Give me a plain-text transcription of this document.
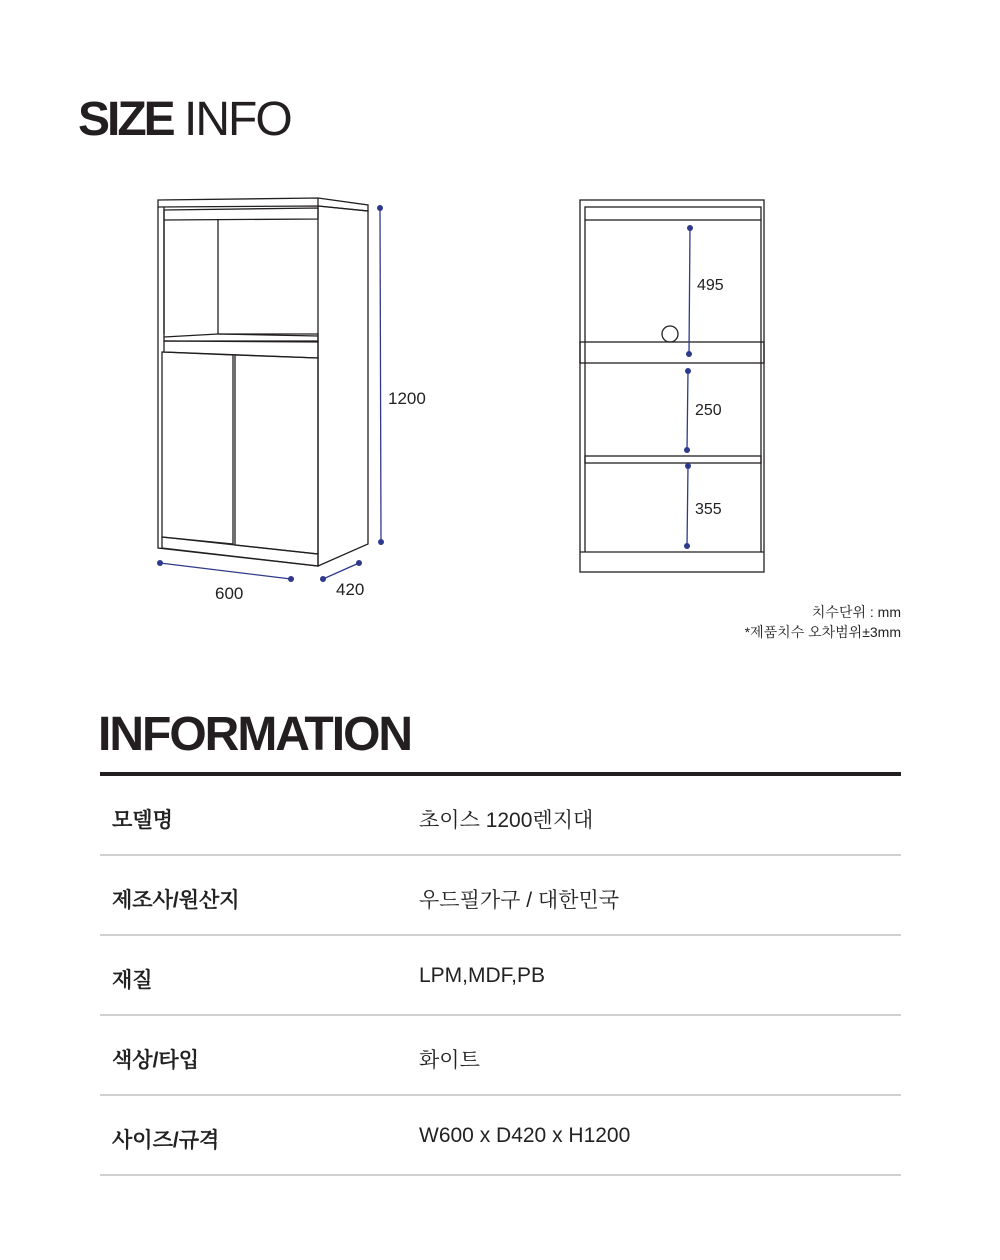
SIZE INFO
1200
600	420
495
250
355
치수단위 : mm
*제품치수 오차범위±3mm
INFORMATION
모델명	초이스 1200렌지대
제조사/원산지	우드필가구 / 대한민국
재질	LPM,MDF,PB
색상/타입	화이트
사이즈/규격	W600 x D420 x H1200
